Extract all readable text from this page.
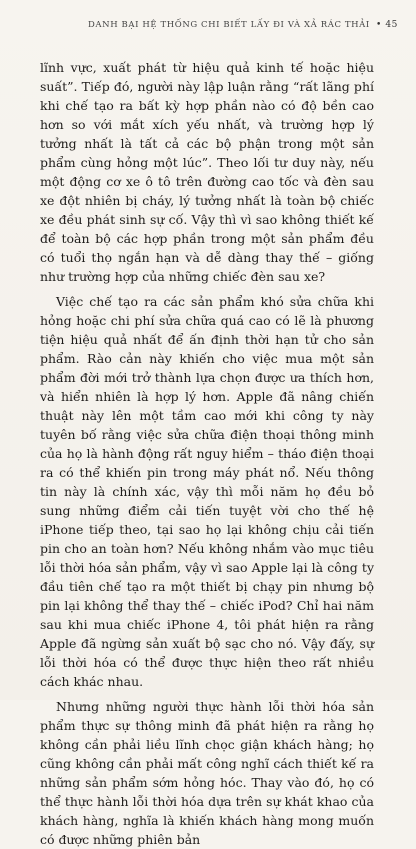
DANH BẠI HỆ THỐNG CHI BIẾT LẤY ĐI VÀ XẢ RÁC THẢI • 45

lĩnh vực, xuất phát từ hiệu quả kinh tế hoặc hiệu suất”. Tiếp đó, người này lập luận rằng “rất lãng phí khi chế tạo ra bất kỳ hợp phần nào có độ bền cao hơn so với mắt xích yếu nhất, và trường hợp lý tưởng nhất là tất cả các bộ phận trong một sản phẩm cùng hỏng một lúc”. Theo lối tư duy này, nếu một động cơ xe ô tô trên đường cao tốc và đèn sau xe đột nhiên bị cháy, lý tưởng nhất là toàn bộ chiếc xe đều phát sinh sự cố. Vậy thì vì sao không thiết kế để toàn bộ các hợp phần trong một sản phẩm đều có tuổi thọ ngắn hạn và dễ dàng thay thế – giống như trường hợp của những chiếc đèn sau xe?

Việc chế tạo ra các sản phẩm khó sửa chữa khi hỏng hoặc chi phí sửa chữa quá cao có lẽ là phương tiện hiệu quả nhất để ấn định thời hạn tử cho sản phẩm. Rào cản này khiến cho việc mua một sản phẩm đời mới trở thành lựa chọn được ưa thích hơn, và hiển nhiên là hợp lý hơn. Apple đã nâng chiến thuật này lên một tầm cao mới khi công ty này tuyên bố rằng việc sửa chữa điện thoại thông minh của họ là hành động rất nguy hiểm – tháo điện thoại ra có thể khiến pin trong máy phát nổ. Nếu thông tin này là chính xác, vậy thì mỗi năm họ đều bỏ sung những điểm cải tiến tuyệt vời cho thế hệ iPhone tiếp theo, tại sao họ lại không chịu cải tiến pin cho an toàn hơn? Nếu không nhắm vào mục tiêu lỗi thời hóa sản phẩm, vậy vì sao Apple lại là công ty đầu tiên chế tạo ra một thiết bị chạy pin nhưng bộ pin lại không thể thay thế – chiếc iPod? Chỉ hai năm sau khi mua chiếc iPhone 4, tôi phát hiện ra rằng Apple đã ngừng sản xuất bộ sạc cho nó. Vậy đấy, sự lỗi thời hóa có thể được thực hiện theo rất nhiều cách khác nhau.

Nhưng những người thực hành lỗi thời hóa sản phẩm thực sự thông minh đã phát hiện ra rằng họ không cần phải liều lĩnh chọc giận khách hàng; họ cũng không cần phải mất công nghĩ cách thiết kế ra những sản phẩm sớm hỏng hóc. Thay vào đó, họ có thể thực hành lỗi thời hóa dựa trên sự khát khao của khách hàng, nghĩa là khiến khách hàng mong muốn có được những phiên bản
